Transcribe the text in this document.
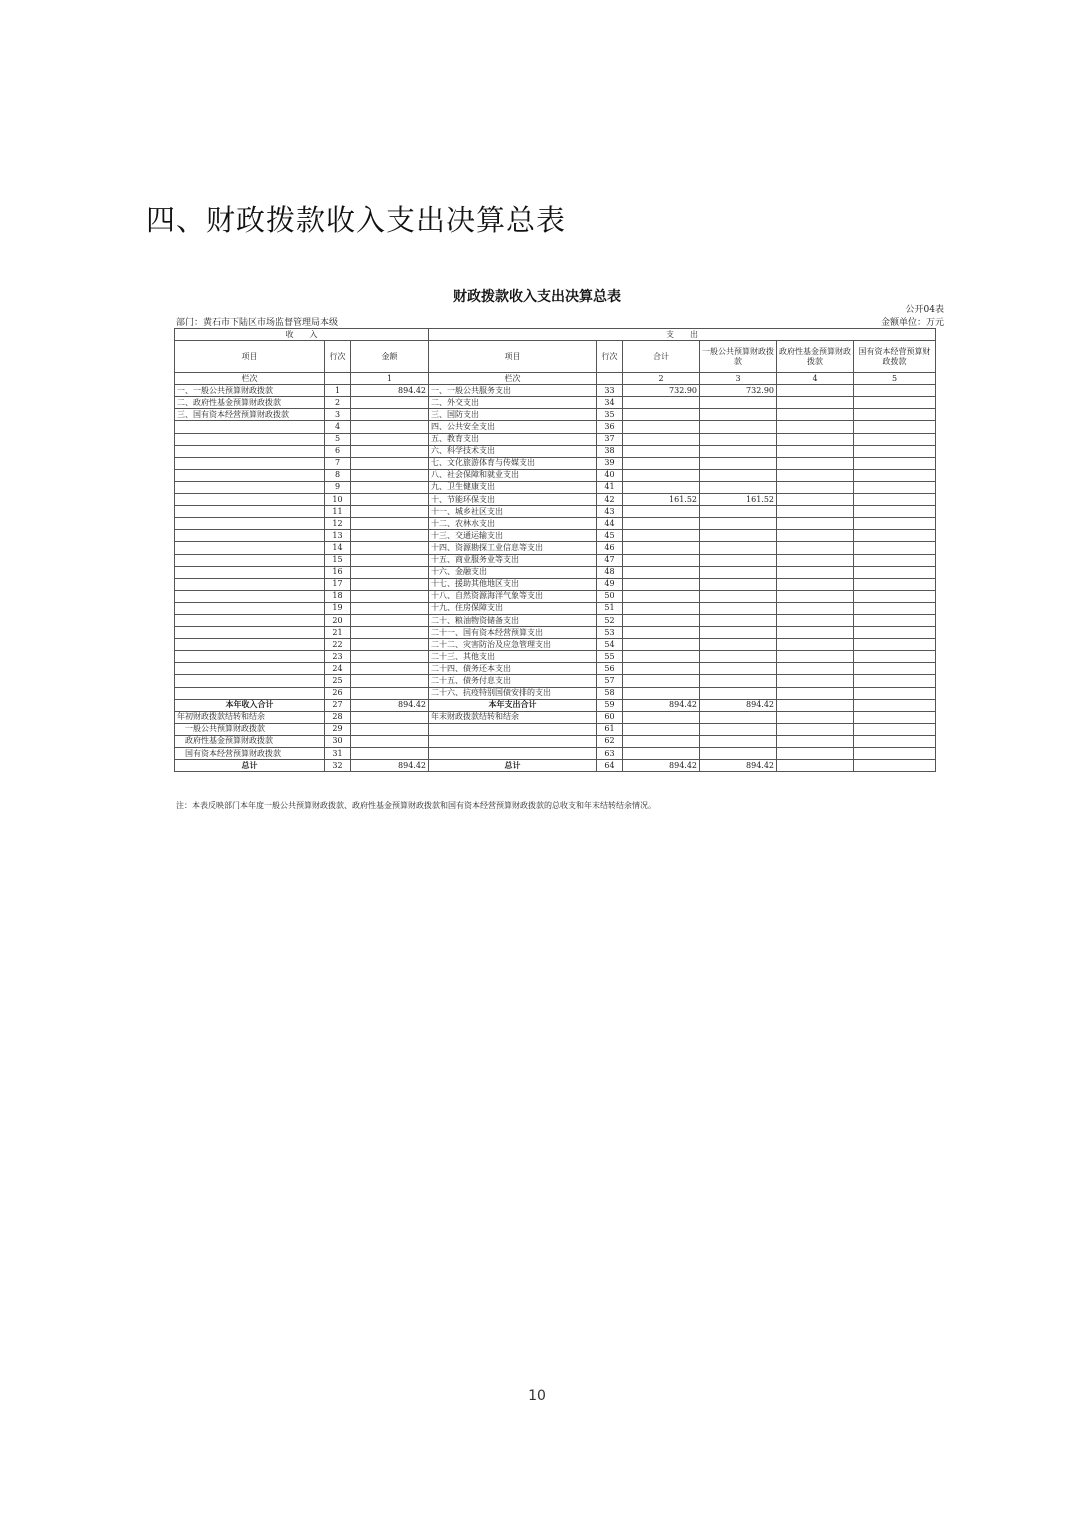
四、财政拨款收入支出决算总表
财政拨款收入支出决算总表
公开04表
部门：黄石市下陆区市场监督管理局本级	金额单位：万元
收　　入			支　　出					
项目	行次	金额	项目	行次	合计	一般公共预算财政拨款	政府性基金预算财政拨款	国有资本经营预算财政拨款
栏次		1	栏次		2	3	4	5
一、一般公共预算财政拨款	1	894.42	一、一般公共服务支出	33	732.90	732.90		
二、政府性基金预算财政拨款	2		二、外交支出	34				
三、国有资本经营预算财政拨款	3		三、国防支出	35				
	4		四、公共安全支出	36				
	5		五、教育支出	37				
	6		六、科学技术支出	38				
	7		七、文化旅游体育与传媒支出	39				
	8		八、社会保障和就业支出	40				
	9		九、卫生健康支出	41				
	10		十、节能环保支出	42	161.52	161.52		
	11		十一、城乡社区支出	43				
	12		十二、农林水支出	44				
	13		十三、交通运输支出	45				
	14		十四、资源勘探工业信息等支出	46				
	15		十五、商业服务业等支出	47				
	16		十六、金融支出	48				
	17		十七、援助其他地区支出	49				
	18		十八、自然资源海洋气象等支出	50				
	19		十九、住房保障支出	51				
	20		二十、粮油物资储备支出	52				
	21		二十一、国有资本经营预算支出	53				
	22		二十二、灾害防治及应急管理支出	54				
	23		二十三、其他支出	55				
	24		二十四、债务还本支出	56				
	25		二十五、债务付息支出	57				
	26		二十六、抗疫特别国债安排的支出	58				
本年收入合计	27	894.42	本年支出合计	59	894.42	894.42		
年初财政拨款结转和结余	28		年末财政拨款结转和结余	60				
一般公共预算财政拨款	29			61				
政府性基金预算财政拨款	30			62				
国有资本经营预算财政拨款	31			63				
总计	32	894.42	总计	64	894.42	894.42		
注：本表反映部门本年度一般公共预算财政拨款、政府性基金预算财政拨款和国有资本经营预算财政拨款的总收支和年末结转结余情况。
10
